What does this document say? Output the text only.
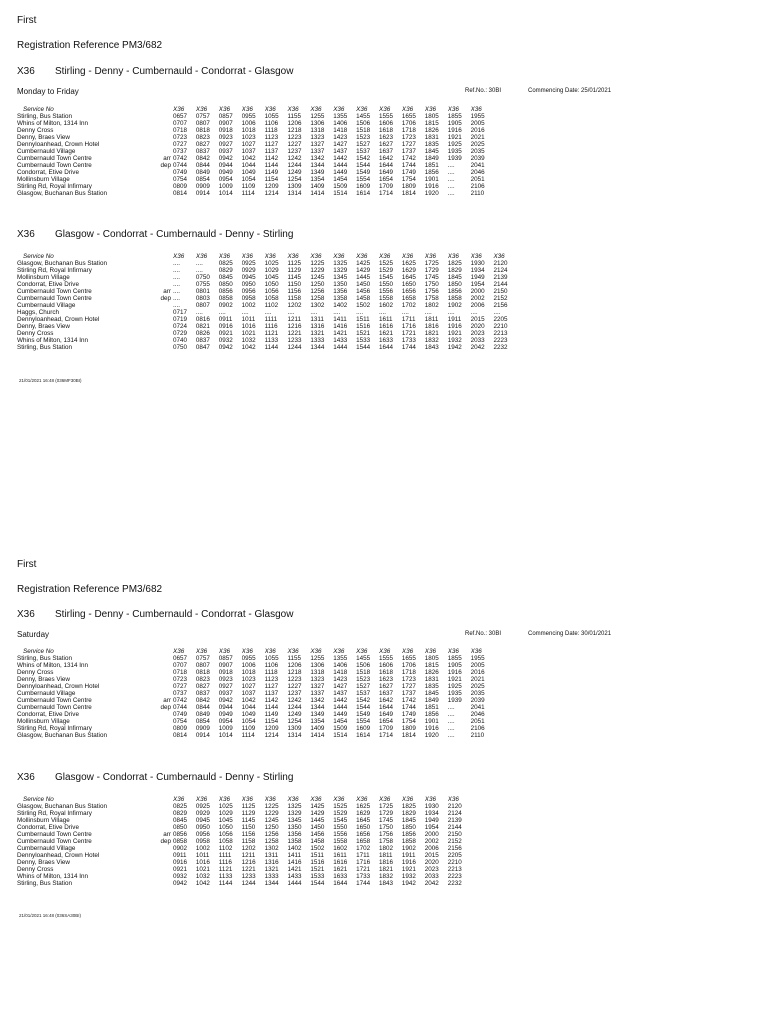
First
Registration Reference PM3/682
X36 Stirling - Denny - Cumbernauld - Condorrat - Glasgow
Monday to Friday	Ref.No.: 30BI	Commencing Date: 25/01/2021
Service No		X36	X36	X36	X36	X36	X36	X36	X36	X36	X36	X36	X36	X36	X36
Stirling, Bus Station		0657	0757	0857	0955	1055	1155	1255	1355	1455	1555	1655	1805	1855	1955
Whins of Milton, 1314 Inn		0707	0807	0907	1006	1106	1206	1306	1406	1506	1606	1706	1815	1905	2005
Denny Cross		0718	0818	0918	1018	1118	1218	1318	1418	1518	1618	1718	1826	1916	2016
Denny, Braes View		0723	0823	0923	1023	1123	1223	1323	1423	1523	1623	1723	1831	1921	2021
Dennyloanhead, Crown Hotel		0727	0827	0927	1027	1127	1227	1327	1427	1527	1627	1727	1835	1925	2025
Cumbernauld Village		0737	0837	0937	1037	1137	1237	1337	1437	1537	1637	1737	1845	1935	2035
Cumbernauld Town Centre	arr	0742	0842	0942	1042	1142	1242	1342	1442	1542	1642	1742	1849	1939	2039
Cumbernauld Town Centre	dep	0744	0844	0944	1044	1144	1244	1344	1444	1544	1644	1744	1851	....	2041
Condorrat, Etive Drive		0749	0849	0949	1049	1149	1249	1349	1449	1549	1649	1749	1856	....	2046
Mollinsburn Village		0754	0854	0954	1054	1154	1254	1354	1454	1554	1654	1754	1901	....	2051
Stirling Rd, Royal Infirmary		0809	0909	1009	1109	1209	1309	1409	1509	1609	1709	1809	1916	....	2106
Glasgow, Buchanan Bus Station		0814	0914	1014	1114	1214	1314	1414	1514	1614	1714	1814	1920	....	2110
X36 Glasgow - Condorrat - Cumbernauld - Denny - Stirling
Service No		X36	X36	X36	X36	X36	X36	X36	X36	X36	X36	X36	X36	X36	X36	X36
Glasgow, Buchanan Bus Station		....	....	0825	0925	1025	1125	1225	1325	1425	1525	1625	1725	1825	1930	2120
Stirling Rd, Royal Infirmary		....	....	0829	0929	1029	1129	1229	1329	1429	1529	1629	1729	1829	1934	2124
Mollinsburn Village		....	0750	0845	0945	1045	1145	1245	1345	1445	1545	1645	1745	1845	1949	2139
Condorrat, Etive Drive		....	0755	0850	0950	1050	1150	1250	1350	1450	1550	1650	1750	1850	1954	2144
Cumbernauld Town Centre	arr	....	0801	0856	0956	1056	1156	1256	1356	1456	1556	1656	1756	1856	2000	2150
Cumbernauld Town Centre	dep	....	0803	0858	0958	1058	1158	1258	1358	1458	1558	1658	1758	1858	2002	2152
Cumbernauld Village		....	0807	0902	1002	1102	1202	1302	1402	1502	1602	1702	1802	1902	2006	2156
Haggs, Church		0717	....	....	....	....	....	....	....	....	....	....	....	....	....	....
Dennyloanhead, Crown Hotel		0719	0816	0911	1011	1111	1211	1311	1411	1511	1611	1711	1811	1911	2015	2205
Denny, Braes View		0724	0821	0916	1016	1116	1216	1316	1416	1516	1616	1716	1816	1916	2020	2210
Denny Cross		0729	0826	0921	1021	1121	1221	1321	1421	1521	1621	1721	1821	1921	2023	2213
Whins of Milton, 1314 Inn		0740	0837	0932	1032	1133	1233	1333	1433	1533	1633	1733	1832	1932	2033	2223
Stirling, Bus Station		0750	0847	0942	1042	1144	1244	1344	1444	1544	1644	1744	1843	1942	2042	2232
21/01/2021 16:48 (036MF30BI)
First
Registration Reference PM3/682
X36 Stirling - Denny - Cumbernauld - Condorrat - Glasgow
Saturday	Ref.No.: 30BI	Commencing Date: 30/01/2021
Service No		X36	X36	X36	X36	X36	X36	X36	X36	X36	X36	X36	X36	X36	X36
Stirling, Bus Station		0657	0757	0857	0955	1055	1155	1255	1355	1455	1555	1655	1805	1855	1955
Whins of Milton, 1314 Inn		0707	0807	0907	1006	1106	1206	1306	1406	1506	1606	1706	1815	1905	2005
Denny Cross		0718	0818	0918	1018	1118	1218	1318	1418	1518	1618	1718	1826	1916	2016
Denny, Braes View		0723	0823	0923	1023	1123	1223	1323	1423	1523	1623	1723	1831	1921	2021
Dennyloanhead, Crown Hotel		0727	0827	0927	1027	1127	1227	1327	1427	1527	1627	1727	1835	1925	2025
Cumbernauld Village		0737	0837	0937	1037	1137	1237	1337	1437	1537	1637	1737	1845	1935	2035
Cumbernauld Town Centre	arr	0742	0842	0942	1042	1142	1242	1342	1442	1542	1642	1742	1849	1939	2039
Cumbernauld Town Centre	dep	0744	0844	0944	1044	1144	1244	1344	1444	1544	1644	1744	1851	....	2041
Condorrat, Etive Drive		0749	0849	0949	1049	1149	1249	1349	1449	1549	1649	1749	1856	....	2046
Mollinsburn Village		0754	0854	0954	1054	1154	1254	1354	1454	1554	1654	1754	1901	....	2051
Stirling Rd, Royal Infirmary		0809	0909	1009	1109	1209	1309	1409	1509	1609	1709	1809	1916	....	2106
Glasgow, Buchanan Bus Station		0814	0914	1014	1114	1214	1314	1414	1514	1614	1714	1814	1920	....	2110
X36 Glasgow - Condorrat - Cumbernauld - Denny - Stirling
Service No		X36	X36	X36	X36	X36	X36	X36	X36	X36	X36	X36	X36	X36
Glasgow, Buchanan Bus Station		0825	0925	1025	1125	1225	1325	1425	1525	1625	1725	1825	1930	2120
Stirling Rd, Royal Infirmary		0829	0929	1029	1129	1229	1329	1429	1529	1629	1729	1829	1934	2124
Mollinsburn Village		0845	0945	1045	1145	1245	1345	1445	1545	1645	1745	1845	1949	2139
Condorrat, Etive Drive		0850	0950	1050	1150	1250	1350	1450	1550	1650	1750	1850	1954	2144
Cumbernauld Town Centre	arr	0856	0956	1056	1156	1256	1356	1456	1556	1656	1756	1856	2000	2150
Cumbernauld Town Centre	dep	0858	0958	1058	1158	1258	1358	1458	1558	1658	1758	1858	2002	2152
Cumbernauld Village		0902	1002	1102	1202	1302	1402	1502	1602	1702	1802	1902	2006	2156
Dennyloanhead, Crown Hotel		0911	1011	1111	1211	1311	1411	1511	1611	1711	1811	1911	2015	2205
Denny, Braes View		0916	1016	1116	1216	1316	1416	1516	1616	1716	1816	1916	2020	2210
Denny Cross		0921	1021	1121	1221	1321	1421	1521	1621	1721	1821	1921	2023	2213
Whins of Milton, 1314 Inn		0932	1032	1133	1233	1333	1433	1533	1633	1733	1832	1932	2033	2223
Stirling, Bus Station		0942	1042	1144	1244	1344	1444	1544	1644	1744	1843	1942	2042	2232
21/01/2021 16:48 (036SA30BI)
